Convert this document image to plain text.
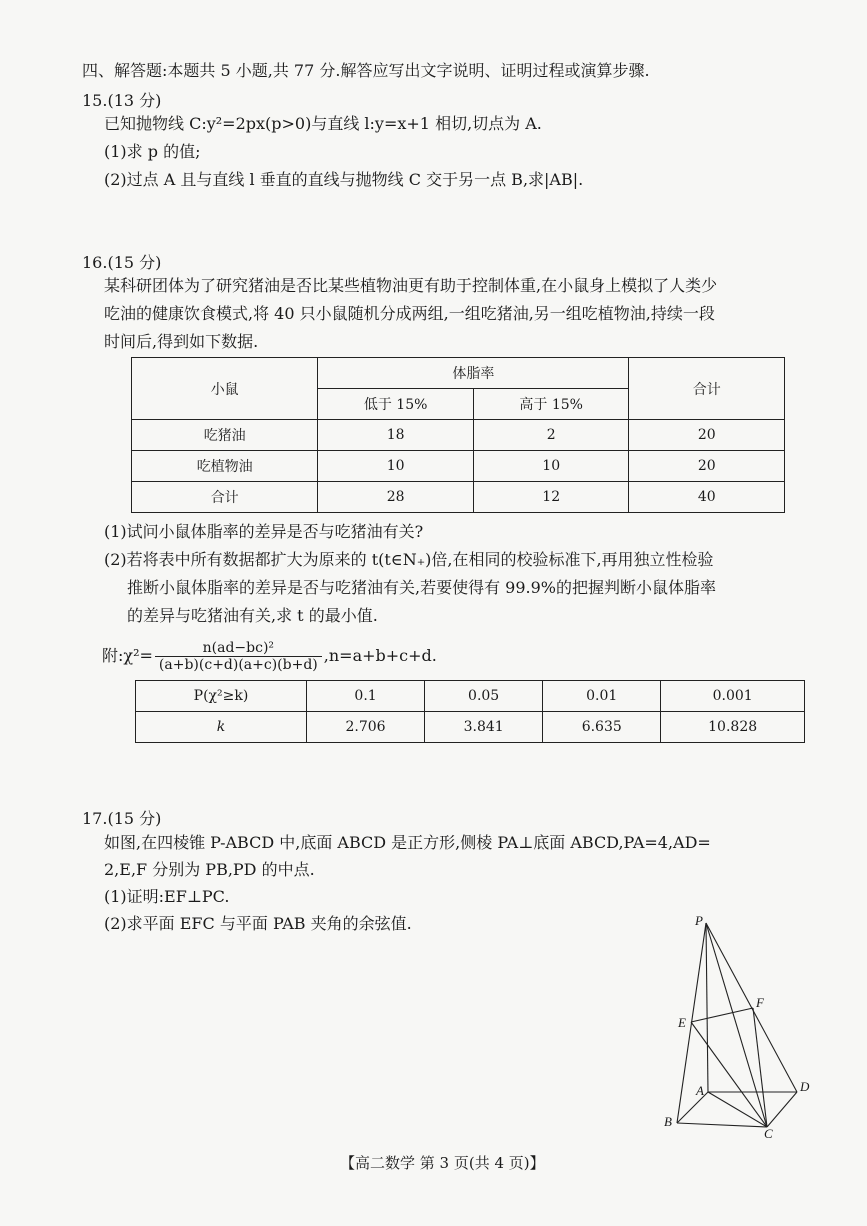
四、解答题:本题共 5 小题,共 77 分.解答应写出文字说明、证明过程或演算步骤.
15.(13 分)
已知抛物线 C:y²=2px(p>0)与直线 l:y=x+1 相切,切点为 A.
(1)求 p 的值;
(2)过点 A 且与直线 l 垂直的直线与抛物线 C 交于另一点 B,求|AB|.
16.(15 分)
某科研团体为了研究猪油是否比某些植物油更有助于控制体重,在小鼠身上模拟了人类少
吃油的健康饮食模式,将 40 只小鼠随机分成两组,一组吃猪油,另一组吃植物油,持续一段
时间后,得到如下数据.
小鼠	体脂率		合计
	低于 15%	高于 15%	
吃猪油	18	2	20
吃植物油	10	10	20
合计	28	12	40
(1)试问小鼠体脂率的差异是否与吃猪油有关?
(2)若将表中所有数据都扩大为原来的 t(t∈N₊)倍,在相同的校验标准下,再用独立性检验
推断小鼠体脂率的差异是否与吃猪油有关,若要使得有 99.9%的把握判断小鼠体脂率
的差异与吃猪油有关,求 t 的最小值.
附:χ²= $\frac{\text{n(ad−bc)²}}{(a+b)(c+d)(a+c)(b+d)} ,n=a+b+c+d$.
P(χ²≥k)	0.1	0.05	0.01	0.001
k	2.706	3.841	6.635	10.828
17.(15 分)
如图,在四棱锥 P-ABCD 中,底面 ABCD 是正方形,侧棱 PA⊥底面 ABCD,PA=4,AD=
2,E,F 分别为 PB,PD 的中点.
(1)证明:EF⊥PC.
(2)求平面 EFC 与平面 PAB 夹角的余弦值.	P
E
F
A
B
C
D
【高二数学 第 3 页(共 4 页)】
